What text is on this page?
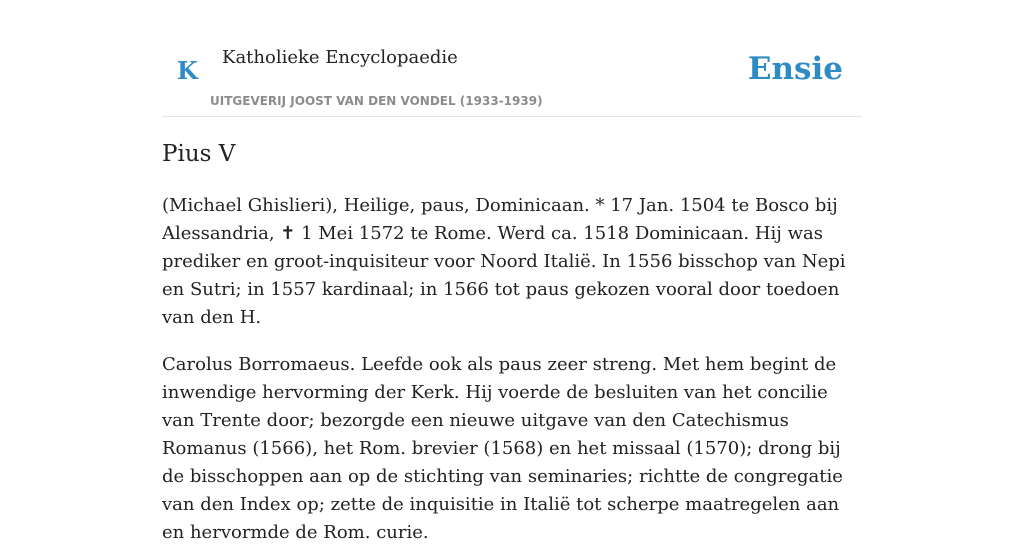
K Katholieke Encyclopaedie
UITGEVERIJ JOOST VAN DEN VONDEL (1933-1939)
Ensie
Pius V

(Michael Ghislieri), Heilige, paus, Dominicaan. * 17 Jan. 1504 te Bosco bij Alessandria, ✝ 1 Mei 1572 te Rome. Werd ca. 1518 Dominicaan. Hij was prediker en groot-inquisiteur voor Noord Italië. In 1556 bisschop van Nepi en Sutri; in 1557 kardinaal; in 1566 tot paus gekozen vooral door toedoen van den H.

Carolus Borromaeus. Leefde ook als paus zeer streng. Met hem begint de inwendige hervorming der Kerk. Hij voerde de besluiten van het concilie van Trente door; bezorgde een nieuwe uitgave van den Catechismus Romanus (1566), het Rom. brevier (1568) en het missaal (1570); drong bij de bisschoppen aan op de stichting van seminaries; richtte de congregatie van den Index op; zette de inquisitie in Italië tot scherpe maatregelen aan en hervormde de Rom. curie.
